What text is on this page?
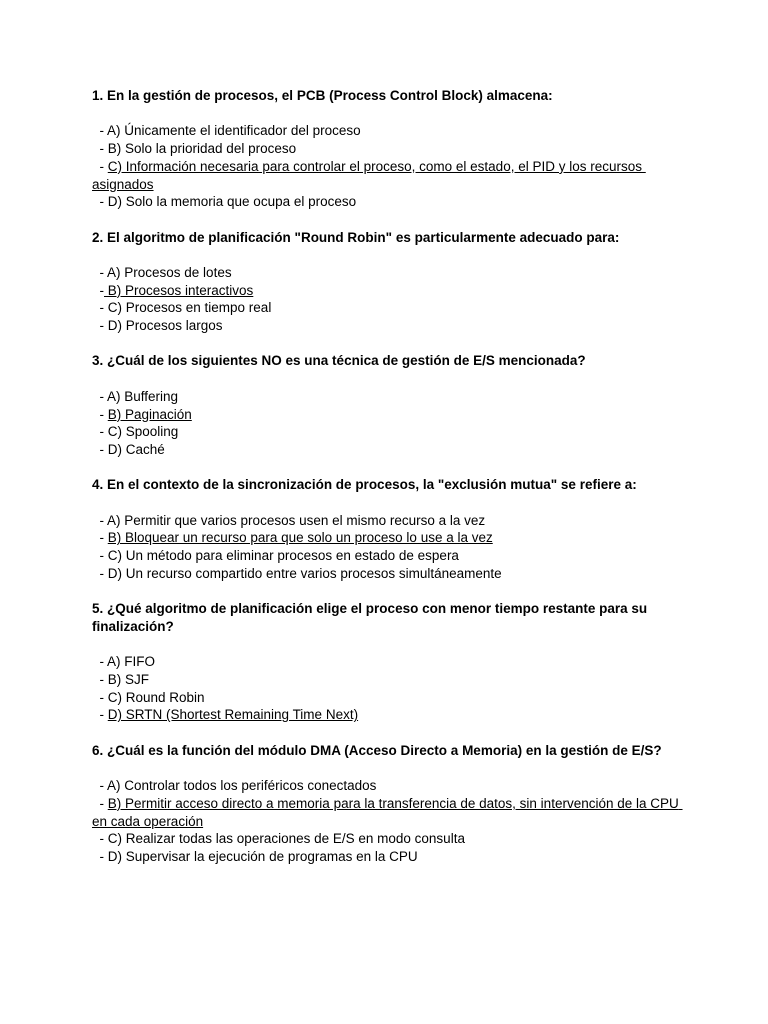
1. En la gestión de procesos, el PCB (Process Control Block) almacena:
- A) Únicamente el identificador del proceso
- B) Solo la prioridad del proceso
- C) Información necesaria para controlar el proceso, como el estado, el PID y los recursos asignados
- D) Solo la memoria que ocupa el proceso
2. El algoritmo de planificación "Round Robin" es particularmente adecuado para:
- A) Procesos de lotes
- B) Procesos interactivos
- C) Procesos en tiempo real
- D) Procesos largos
3. ¿Cuál de los siguientes NO es una técnica de gestión de E/S mencionada?
- A) Buffering
- B) Paginación
- C) Spooling
- D) Caché
4. En el contexto de la sincronización de procesos, la "exclusión mutua" se refiere a:
- A) Permitir que varios procesos usen el mismo recurso a la vez
- B) Bloquear un recurso para que solo un proceso lo use a la vez
- C) Un método para eliminar procesos en estado de espera
- D) Un recurso compartido entre varios procesos simultáneamente
5. ¿Qué algoritmo de planificación elige el proceso con menor tiempo restante para su finalización?
- A) FIFO
- B) SJF
- C) Round Robin
- D) SRTN (Shortest Remaining Time Next)
6. ¿Cuál es la función del módulo DMA (Acceso Directo a Memoria) en la gestión de E/S?
- A) Controlar todos los periféricos conectados
- B) Permitir acceso directo a memoria para la transferencia de datos, sin intervención de la CPU en cada operación
- C) Realizar todas las operaciones de E/S en modo consulta
- D) Supervisar la ejecución de programas en la CPU
